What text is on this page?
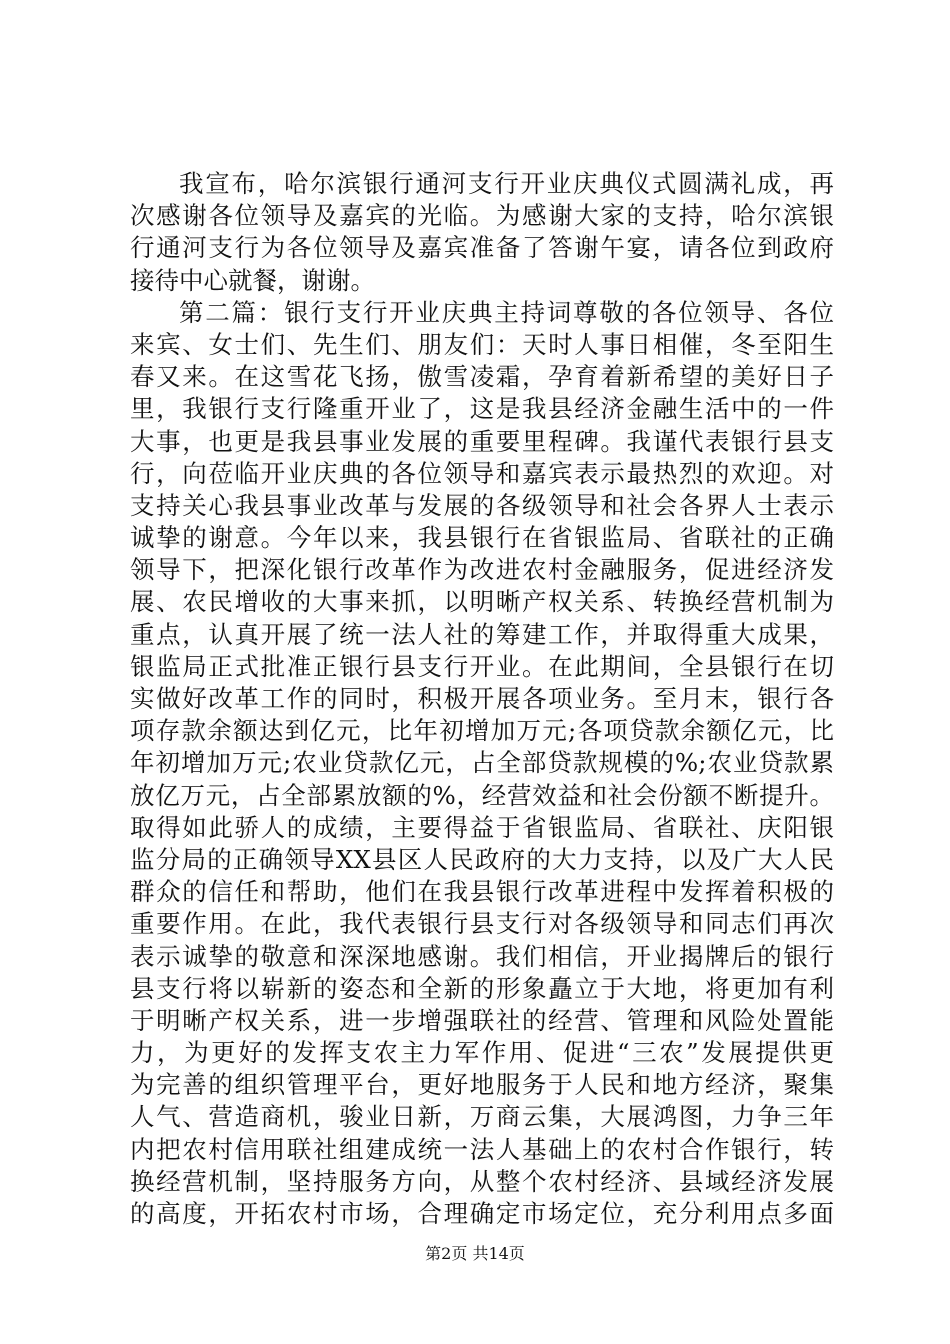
我宣布，哈尔滨银行通河支行开业庆典仪式圆满礼成，再
次感谢各位领导及嘉宾的光临。为感谢大家的支持，哈尔滨银
行通河支行为各位领导及嘉宾准备了答谢午宴，请各位到政府
接待中心就餐，谢谢。
第二篇：银行支行开业庆典主持词尊敬的各位领导、各位
来宾、女士们、先生们、朋友们：天时人事日相催，冬至阳生
春又来。在这雪花飞扬，傲雪凌霜，孕育着新希望的美好日子
里，我银行支行隆重开业了，这是我县经济金融生活中的一件
大事，也更是我县事业发展的重要里程碑。我谨代表银行县支
行，向莅临开业庆典的各位领导和嘉宾表示最热烈的欢迎。对
支持关心我县事业改革与发展的各级领导和社会各界人士表示
诚挚的谢意。今年以来，我县银行在省银监局、省联社的正确
领导下，把深化银行改革作为改进农村金融服务，促进经济发
展、农民增收的大事来抓，以明晰产权关系、转换经营机制为
重点，认真开展了统一法人社的筹建工作，并取得重大成果，
银监局正式批准正银行县支行开业。在此期间，全县银行在切
实做好改革工作的同时，积极开展各项业务。至月末，银行各
项存款余额达到亿元，比年初增加万元;各项贷款余额亿元，比
年初增加万元;农业贷款亿元，占全部贷款规模的%;农业贷款累
放亿万元，占全部累放额的%，经营效益和社会份额不断提升。
取得如此骄人的成绩，主要得益于省银监局、省联社、庆阳银
监分局的正确领导XX县区人民政府的大力支持，以及广大人民
群众的信任和帮助，他们在我县银行改革进程中发挥着积极的
重要作用。在此，我代表银行县支行对各级领导和同志们再次
表示诚挚的敬意和深深地感谢。我们相信，开业揭牌后的银行
县支行将以崭新的姿态和全新的形象矗立于大地，将更加有利
于明晰产权关系，进一步增强联社的经营、管理和风险处置能
力，为更好的发挥支农主力军作用、促进“三农”发展提供更
为完善的组织管理平台，更好地服务于人民和地方经济，聚集
人气、营造商机，骏业日新，万商云集，大展鸿图，力争三年
内把农村信用联社组建成统一法人基础上的农村合作银行，转
换经营机制，坚持服务方向，从整个农村经济、县域经济发展
的高度，开拓农村市场，合理确定市场定位，充分利用点多面
第2页 共14页
